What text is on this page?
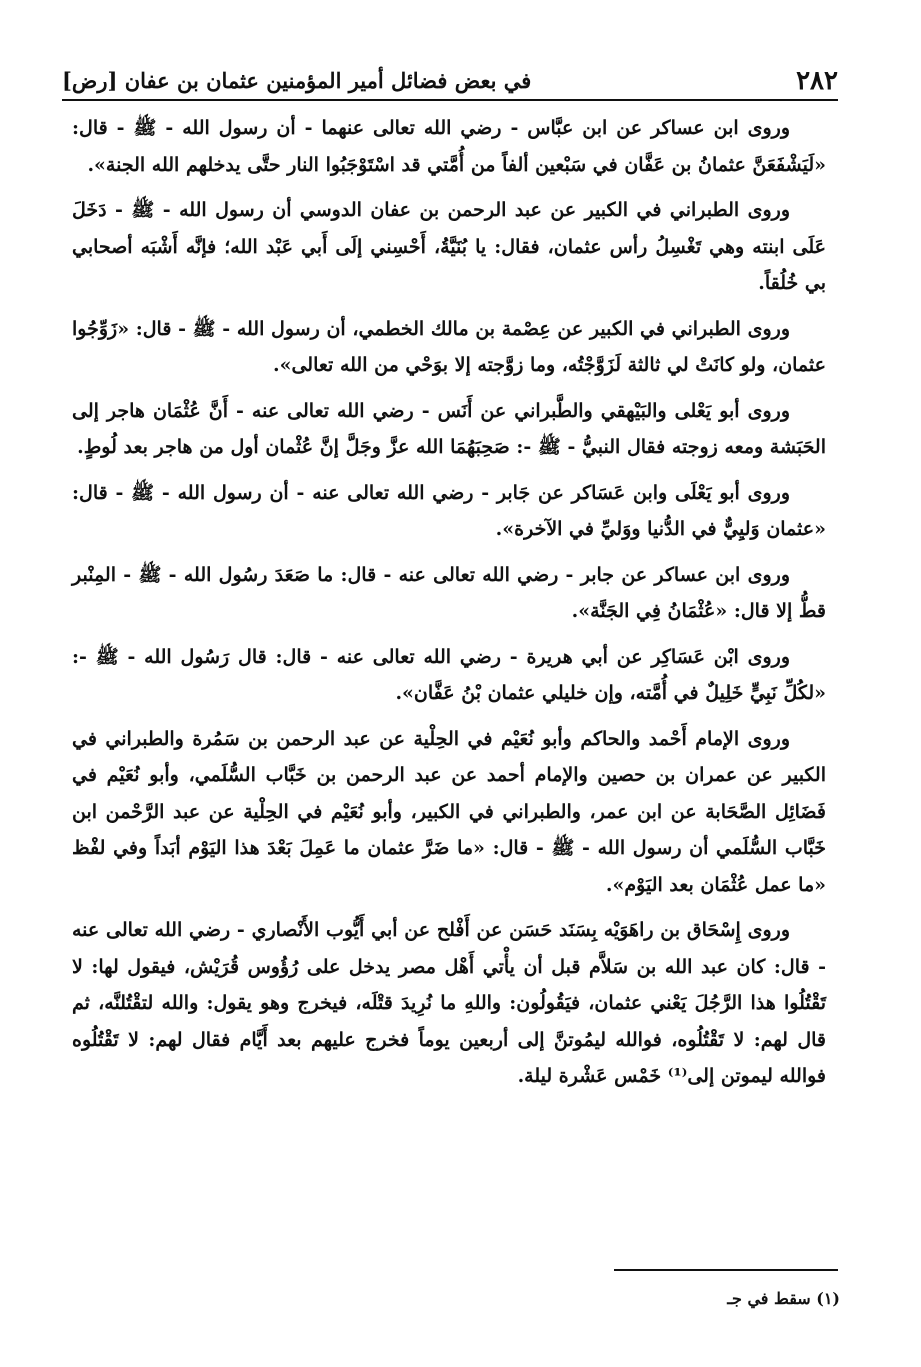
٢٨٢
في بعض فضائل أمير المؤمنين عثمان بن عفان [رض]

وروى ابن عساكر عن ابن عبَّاس - رضي الله تعالى عنهما - أن رسول الله - ﷺ - قال: «لَيَشْفَعَنَّ عثمانُ بن عَفَّان في سَبْعين ألفاً من أُمَّتي قد اسْتَوْجَبُوا النار حتَّى يدخلهم الله الجنة».

وروى الطبراني في الكبير عن عبد الرحمن بن عفان الدوسي أن رسول الله - ﷺ - دَخَلَ عَلَى ابنته وهي تَغْسِلُ رأس عثمان، فقال: يا بُنَيَّةُ، أَحْسِني إلَى أَبي عَبْد الله؛ فإنَّه أَشْبَه أصحابي بي خُلُقاً.

وروى الطبراني في الكبير عن عِصْمة بن مالك الخطمي، أن رسول الله - ﷺ - قال: «زَوِّجُوا عثمان، ولو كانَتْ لي ثالثة لَزَوَّجْتُه، وما زوَّجته إلا بوَحْي من الله تعالى».

وروى أبو يَعْلى والبَيْهقي والطَّبراني عن أَنَس - رضي الله تعالى عنه - أَنَّ عُثْمَان هاجر إلى الحَبَشة ومعه زوجته فقال النبيُّ - ﷺ -: صَحِبَهُمَا الله عزَّ وجَلَّ إنَّ عُثْمان أول من هاجر بعد لُوطٍ.

وروى أبو يَعْلَى وابن عَسَاكر عن جَابر - رضي الله تعالى عنه - أن رسول الله - ﷺ - قال: «عثمان وَليِيٌّ في الدُّنيا ووَليِّ في الآخرة».

وروى ابن عساكر عن جابر - رضي الله تعالى عنه - قال: ما صَعَدَ رسُول الله - ﷺ - المِنْبر قطُّ إلا قال: «عُثْمَانُ فِي الجَنَّة».

وروى ابْن عَسَاكِر عن أبي هريرة - رضي الله تعالى عنه - قال: قال رَسُول الله - ﷺ -: «لكُلِّ نَبِيٍّ خَلِيلٌ في أُمَّته، وإن خليلي عثمان بْنُ عَفَّان».

وروى الإمام أَحْمد والحاكم وأبو نُعَيْم في الحِلْية عن عبد الرحمن بن سَمُرة والطبراني في الكبير عن عمران بن حصين والإمام أحمد عن عبد الرحمن بن خَبَّاب السُّلَمي، وأبو نُعَيْم في فَضَائِل الصَّحَابة عن ابن عمر، والطبراني في الكبير، وأبو نُعَيْم في الحِلْية عن عبد الرَّحْمن ابن خَبَّاب السُّلَمي أن رسول الله - ﷺ - قال: «ما ضَرَّ عثمان ما عَمِلَ بَعْدَ هذا اليَوْم أبَداً وفي لفْظ «ما عمل عُثْمَان بعد اليَوْم».

وروى إِسْحَاق بن راهَوَيْه بِسَنَد حَسَن عن أَفْلح عن أبي أَيُّوب الأَنْصاري - رضي الله تعالى عنه - قال: كان عبد الله بن سَلاَّم قبل أن يأْتي أَهْل مصر يدخل على رُؤُوس قُرَيْش، فيقول لها: لا تَقْتُلُوا هذا الرَّجُلَ يَعْني عثمان، فيَقُولُون: واللهِ ما نُرِيدَ قتْلَه، فيخرج وهو يقول: والله لتقْتُلنَّه، ثم قال لهم: لا تَقْتُلُوه، فوالله ليمُوتنَّ إلى أربعين يوماً فخرج عليهم بعد أَيَّام فقال لهم: لا تَقْتُلُوه فوالله ليموتن إلى⁽¹⁾ خَمْس عَشْرة ليلة.

(١) سقط في جـ
